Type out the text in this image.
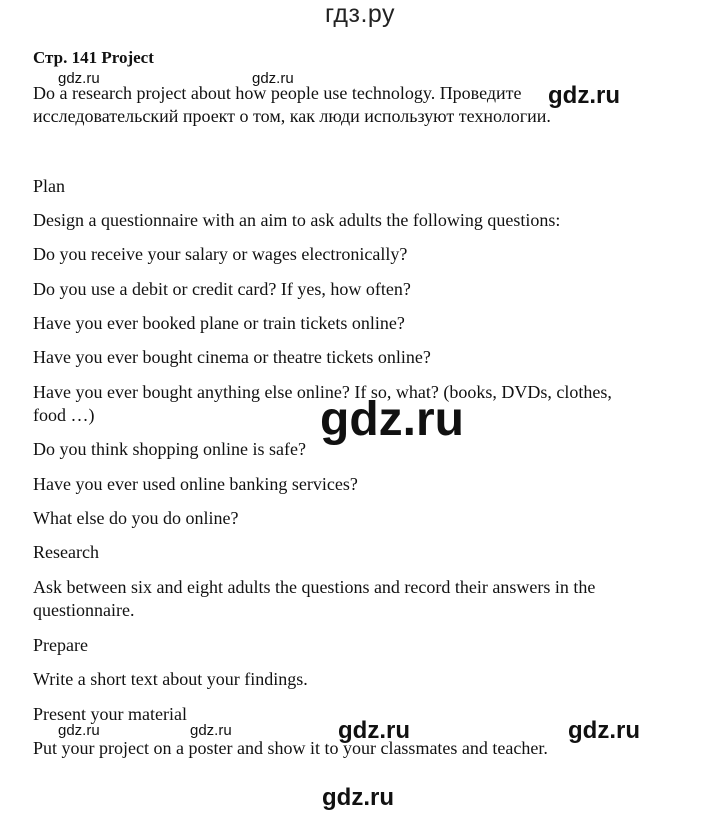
гдз.ру
Стр. 141 Project
Do a research project about how people use technology. Проведите
исследовательский проект о том, как люди используют технологии.
Plan
Design a questionnaire with an aim to ask adults the following questions:
Do you receive your salary or wages electronically?
Do you use a debit or credit card? If yes, how often?
Have you ever booked plane or train tickets online?
Have you ever bought cinema or theatre tickets online?
Have you ever bought anything else online? If so, what? (books, DVDs, clothes,
food …)
Do you think shopping online is safe?
Have you ever used online banking services?
What else do you do online?
Research
Ask between six and eight adults the questions and record their answers in the
questionnaire.
Prepare
Write a short text about your findings.
Present your material
Put your project on a poster and show it to your classmates and teacher.
gdz.ru	gdz.ru
gdz.ru
gdz.ru
gdz.ru	gdz.ru	gdz.ru	gdz.ru
gdz.ru
